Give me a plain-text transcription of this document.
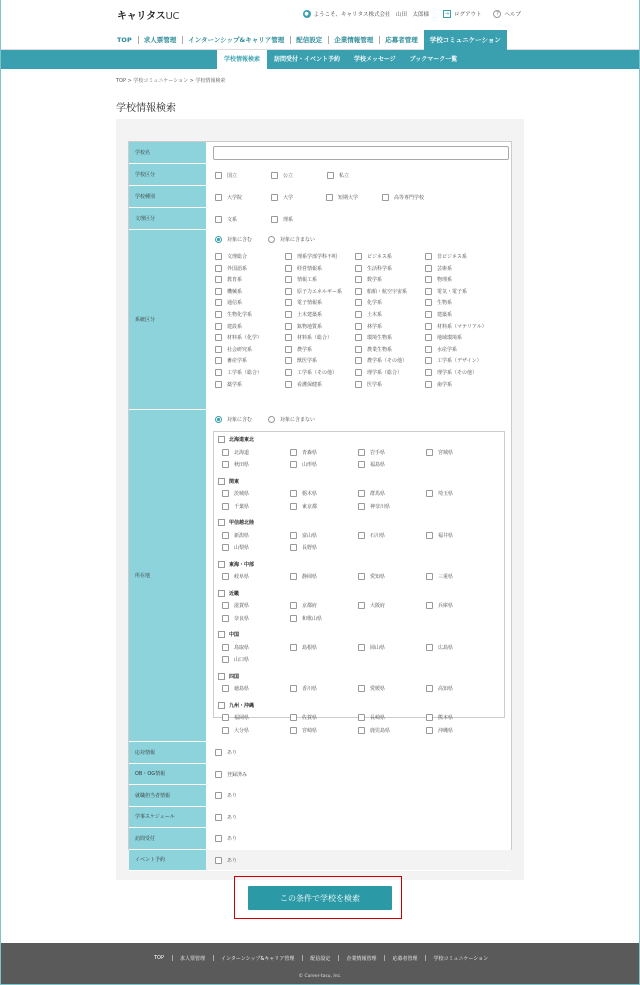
キャリタスUC	● ようこそ、キャリタス株式会社　山田　太郎様	⇥ ログアウト	?	ヘルプ
TOP	求人票管理	インターンシップ&キャリア管理	配信設定	企業情報管理	応募者管理	学校コミュニケーション
学校情報検索	訪問受付・イベント予約	学校メッセージ	ブックマーク一覧
TOP > 学校コミュニケーション > 学校情報検索
学校情報検索
学校名
学校区分	国立	公立	私立
学校種別	大学院	大学	短期大学	高等専門学校
文理区分	文系	理系
系統区分
対象に含む	対象に含まない
文理総合	理系学部学科不明	ビジネス系	非ビジネス系
外国語系	経営情報系	生活科学系	芸術系
教育系	情報工系	数学系	物理系
機械系	原子力エネルギー系	船舶・航空宇宙系	電気・電子系
通信系	電子情報系	化学系	生物系
生物化学系	土木建築系	土木系	建築系
建設系	鉱物地質系	林学系	材料系（マテリアル）
材料系（化学）	材料系（総合）	環境生物系	地域環境系
社会研究系	農学系	農業生物系	水産学系
畜産学系	獣医学系	農学系（その他）	工学系（デザイン）
工学系（総合）	工学系（その他）	理学系（総合）	理学系（その他）
薬学系	看護保健系	医学系	歯学系
所在地
対象に含む	対象に含まない
北海道東北
北海道	青森県	岩手県	宮城県
秋田県	山形県	福島県
関東
茨城県	栃木県	群馬県	埼玉県
千葉県	東京都	神奈川県
甲信越北陸
新潟県	富山県	石川県	福井県
山梨県	長野県
東海・中部
岐阜県	静岡県	愛知県	三重県
近畿
滋賀県	京都府	大阪府	兵庫県
奈良県	和歌山県
中国
鳥取県	島根県	岡山県	広島県
山口県
四国
徳島県	香川県	愛媛県	高知県
九州・沖縄
福岡県	佐賀県	長崎県	熊本県
大分県	宮崎県	鹿児島県	沖縄県
応対情報	あり
OB・OG情報	登録済み
就職担当者情報	あり
学事スケジュール	あり
訪問受付	あり
イベント予約	あり
この条件で学校を検索
TOP	求人票管理	インターンシップ&キャリア管理	配信設定	企業情報管理	応募者管理	学校コミュニケーション
© Career-tasu, Inc.
